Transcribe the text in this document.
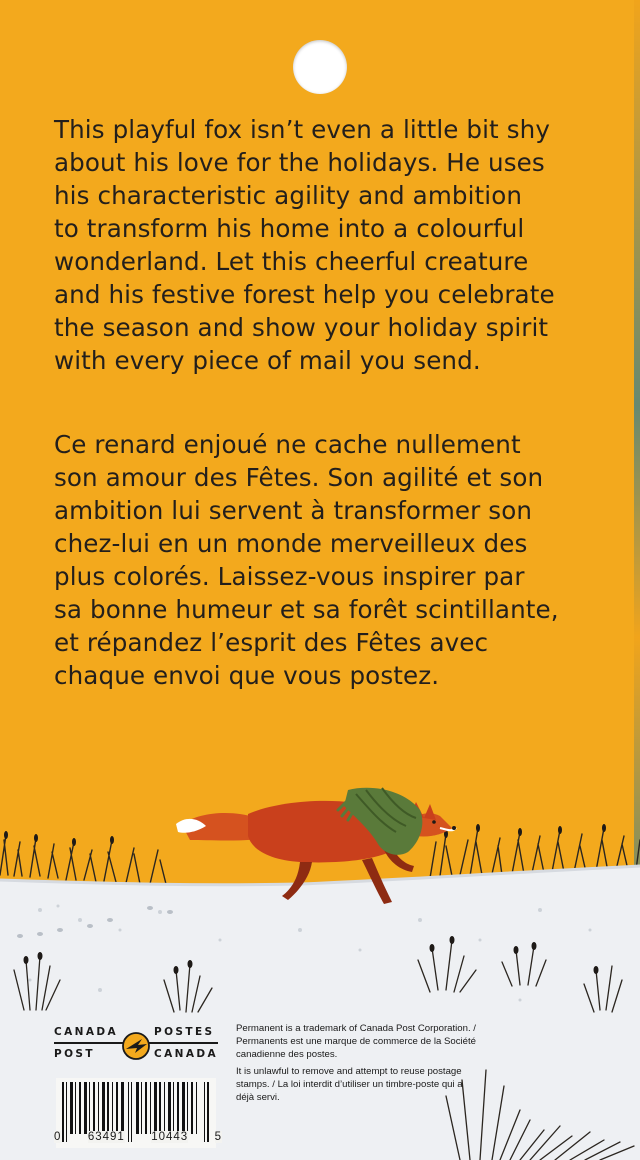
This playful fox isn’t even a little bit shy

about his love for the holidays. He uses

his characteristic agility and ambition

to transform his home into a colourful

wonderland. Let this cheerful creature

and his festive forest help you celebrate

the season and show your holiday spirit

with every piece of mail you send.

Ce renard enjoué ne cache nullement

son amour des Fêtes. Son agilité et son

ambition lui servent à transformer son

chez-lui en un monde merveilleux des

plus colorés. Laissez-vous inspirer par

sa bonne humeur et sa forêt scintillante,

et répandez l’esprit des Fêtes avec

chaque envoi que vous postez.

CANADA	POSTES
POST	CANADA

Permanent is a trademark of Canada Post Corporation. / Permanents est une marque de commerce de la Société canadienne des postes.

It is unlawful to remove and attempt to reuse postage stamps. / La loi interdit d’utiliser un timbre-poste qui a déjà servi.

0 63491 10443 5
